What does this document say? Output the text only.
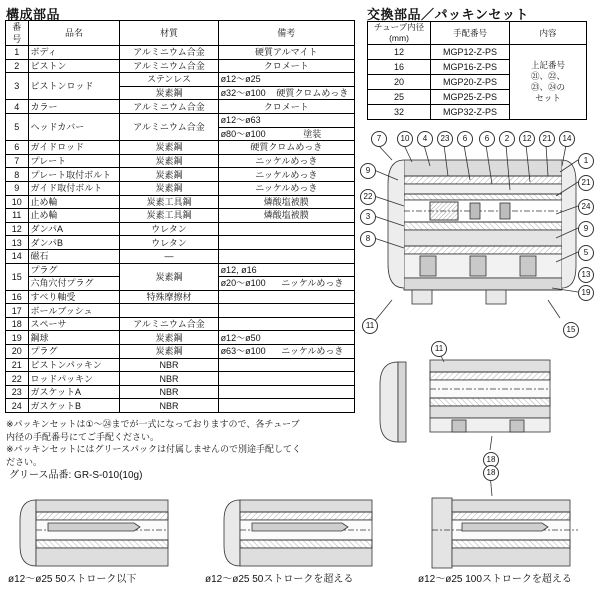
構成部品	交換部品／パッキンセット
番号	品名	材質	備考
1	ボディ	アルミニウム合金	硬質アルマイト
2	ピストン	アルミニウム合金	クロメート
3	ピストンロッド	ステンレス	ø12～ø25
		炭素鋼	ø32～ø100 硬質クロムめっき

4	カラー	アルミニウム合金	クロメート
5	ヘッドカバー	アルミニウム合金	ø12～ø63

			ø80～ø100 塗装

6	ガイドロッド	炭素鋼	硬質クロムめっき
7	プレート	炭素鋼	ニッケルめっき
8	プレート取付ボルト	炭素鋼	ニッケルめっき
9	ガイド取付ボルト	炭素鋼	ニッケルめっき
10	止め輪	炭素工具鋼	燐酸塩被膜
11	止め輪	炭素工具鋼	燐酸塩被膜
12	ダンパA	ウレタン	
13	ダンパB	ウレタン	
14	磁石	—	
15	プラグ	炭素鋼	ø12, ø16
	六角穴付プラグ		ø20～ø100 ニッケルめっき

16	すべり軸受	特殊摩擦材	
17	ボールブッシュ		
18	スペーサ	アルミニウム合金	
19	鋼球	炭素鋼	ø12～ø50
20	プラグ	炭素鋼	ø63～ø100 ニッケルめっき

21	ピストンパッキン	NBR	
22	ロッドパッキン	NBR	
23	ガスケットA	NBR	
24	ガスケットB	NBR	
チューブ内径
(mm)	手配番号	内容
12	MGP12-Z-PS	上記番号
㉑、㉒、
㉓、㉔の
セット
16	MGP16-Z-PS	
20	MGP20-Z-PS	
25	MGP25-Z-PS	
32	MGP32-Z-PS	
※パッキンセットは①～㉔までが一式になっておりますので、各チューブ
内径の手配番号にてご手配ください。
※パッキンセットにはグリースパックは付属しませんので別途手配してく
ださい。
グリース品番: GR-S-010(10g)
7	10	4	23	6	6	2	12	21	14
1
21
24
9
5
13
19
15
9
22
3
8
11
11
18
18
ø12～ø25 50ストローク以下	ø12～ø25 50ストロークを超える	ø12～ø25 100ストロークを超える
